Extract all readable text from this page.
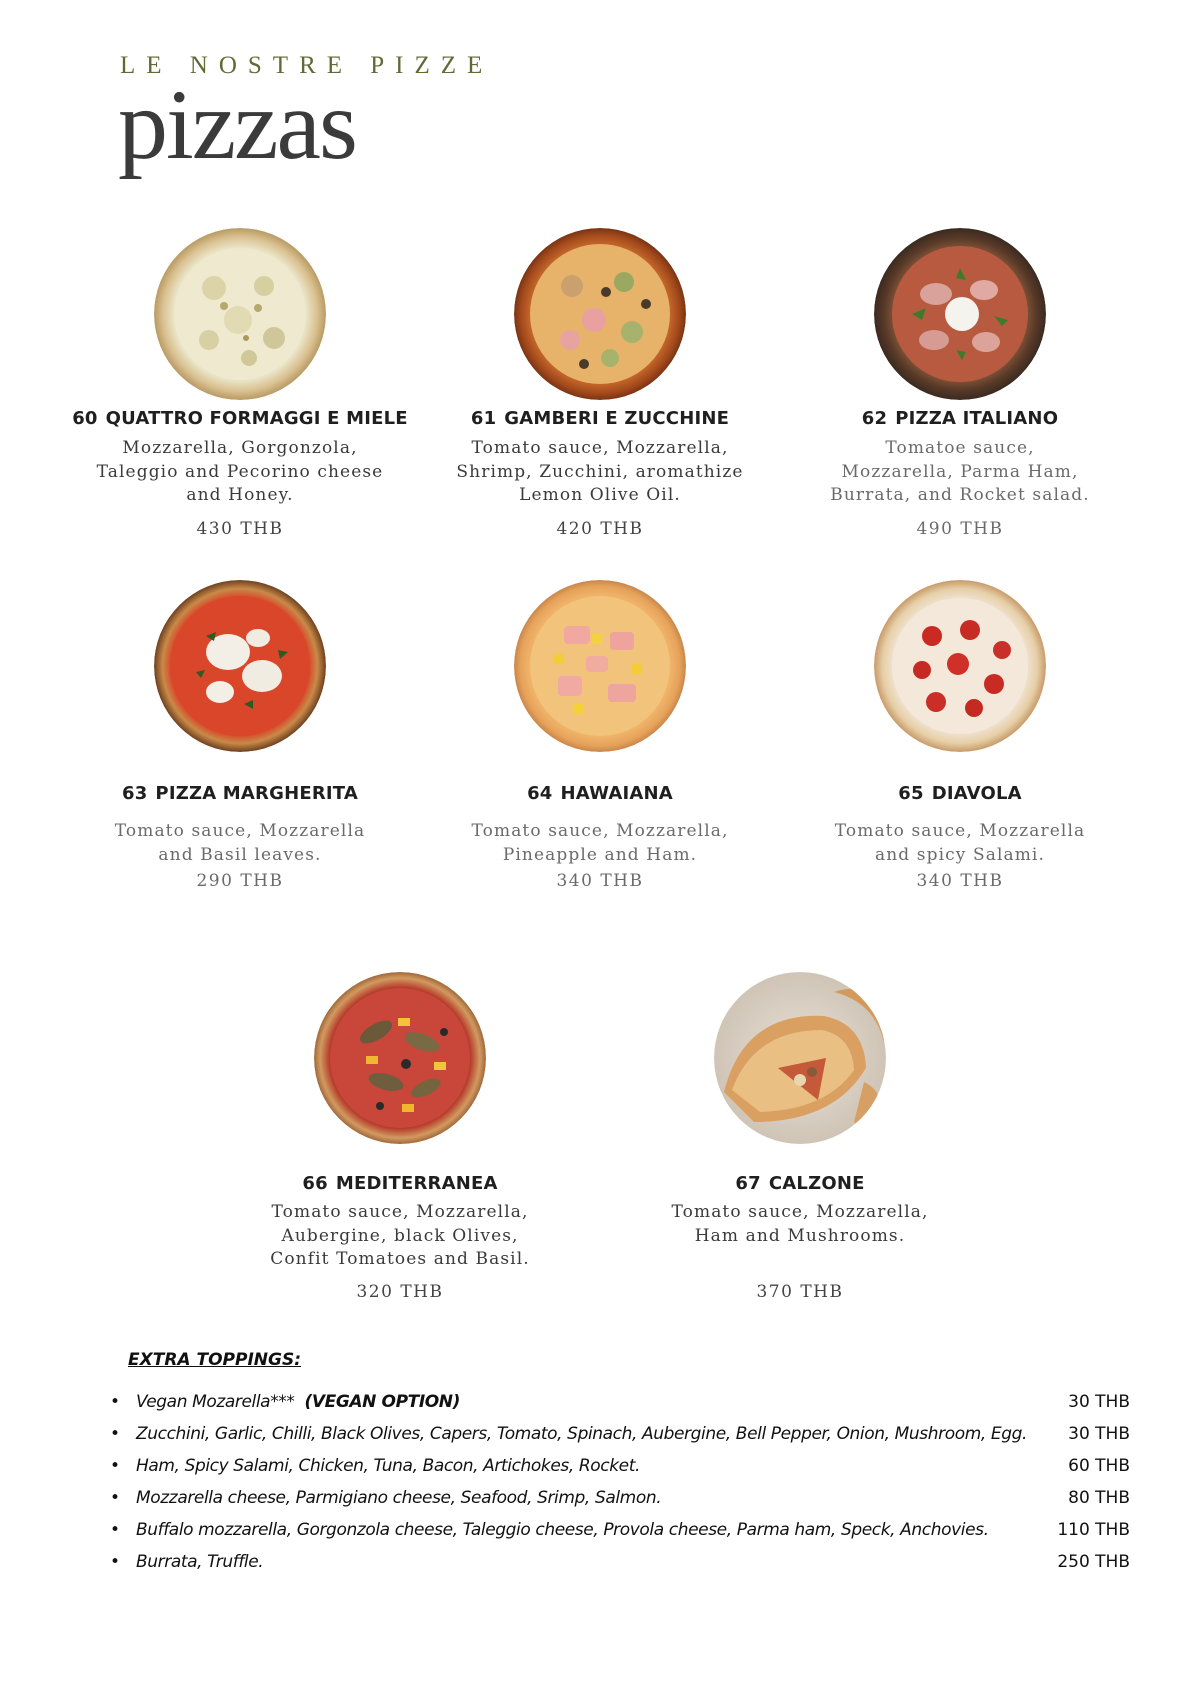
LE NOSTRE PIZZE
pizzas
60 QUATTRO FORMAGGI E MIELE
Mozzarella, Gorgonzola,
Taleggio and Pecorino cheese
and Honey.
430 THB
61 GAMBERI E ZUCCHINE
Tomato sauce, Mozzarella,
Shrimp, Zucchini, aromathize
Lemon Olive Oil.
420 THB
62 PIZZA ITALIANO
Tomatoe sauce,
Mozzarella, Parma Ham,
Burrata, and Rocket salad.
490 THB
63 PIZZA MARGHERITA
Tomato sauce, Mozzarella
and Basil leaves.
290 THB
64 HAWAIANA
Tomato sauce, Mozzarella,
Pineapple and Ham.
340 THB
65 DIAVOLA
Tomato sauce, Mozzarella
and spicy Salami.
340 THB
66 MEDITERRANEA
Tomato sauce, Mozzarella,
Aubergine, black Olives,
Confit Tomatoes and Basil.
320 THB
67 CALZONE
Tomato sauce, Mozzarella,
Ham and Mushrooms.
370 THB
EXTRA TOPPINGS:
• Vegan Mozarella*** (VEGAN OPTION)	30 THB
• Zucchini, Garlic, Chilli, Black Olives, Capers, Tomato, Spinach, Aubergine, Bell Pepper, Onion, Mushroom, Egg. 30 THB
• Ham, Spicy Salami, Chicken, Tuna, Bacon, Artichokes, Rocket.	60 THB
• Mozzarella cheese, Parmigiano cheese, Seafood, Srimp, Salmon.	80 THB
• Buffalo mozzarella, Gorgonzola cheese, Taleggio cheese, Provola cheese, Parma ham, Speck, Anchovies.	110 THB
• Burrata, Truffle.	250 THB
